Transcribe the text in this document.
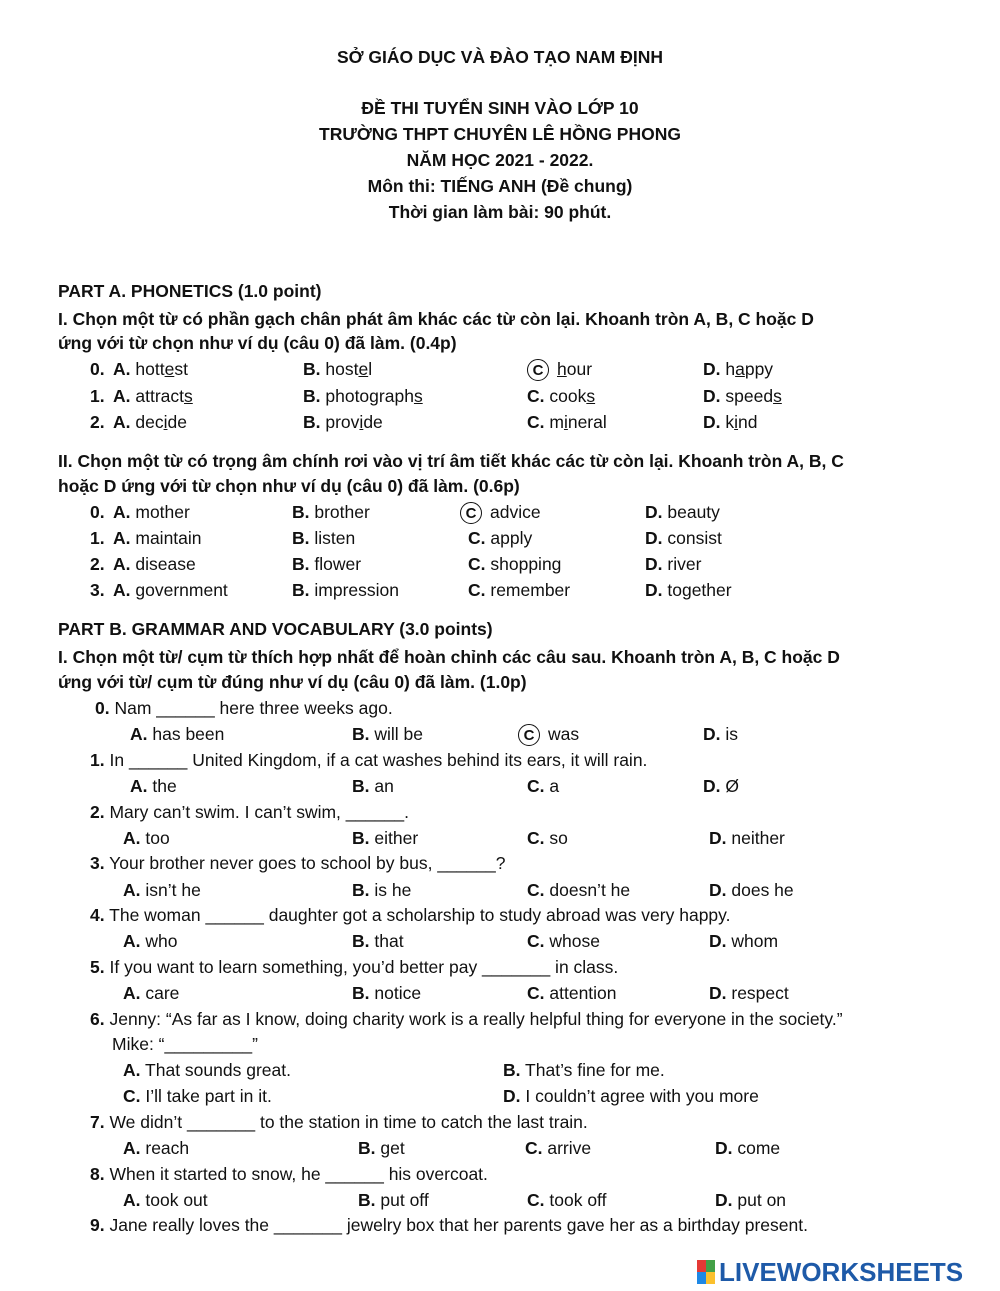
SỞ GIÁO DỤC VÀ ĐÀO TẠO NAM ĐỊNH
ĐỀ THI TUYỂN SINH VÀO LỚP 10
TRƯỜNG THPT CHUYÊN LÊ HỒNG PHONG
NĂM HỌC 2021 - 2022.
Môn thi: TIẾNG ANH (Đề chung)
Thời gian làm bài: 90 phút.
PART A. PHONETICS (1.0 point)
I. Chọn một từ có phần gạch chân phát âm khác các từ còn lại. Khoanh tròn A, B, C hoặc D
ứng với từ chọn như ví dụ (câu 0) đã làm. (0.4p)
0. A. hottest	B. hostel	C hour	D. happy
1. A. attracts	B. photographs	C. cooks	D. speeds
2. A. decide	B. provide	C. mineral	D. kind
II. Chọn một từ có trọng âm chính rơi vào vị trí âm tiết khác các từ còn lại. Khoanh tròn A, B, C
hoặc D ứng với từ chọn như ví dụ (câu 0) đã làm. (0.6p)
0. A. mother	B. brother	C advice	D. beauty
1. A. maintain	B. listen	C. apply	D. consist
2. A. disease	B. flower	C. shopping	D. river
3. A. government	B. impression	C. remember	D. together
PART B. GRAMMAR AND VOCABULARY (3.0 points)
I. Chọn một từ/ cụm từ thích hợp nhất để hoàn chỉnh các câu sau. Khoanh tròn A, B, C hoặc D
ứng với từ/ cụm từ đúng như ví dụ (câu 0) đã làm. (1.0p)
0. Nam ______ here three weeks ago.
A. has been	B. will be	C was	D. is
1. In ______ United Kingdom, if a cat washes behind its ears, it will rain.
A. the	B. an	C. a	D. Ø
2. Mary can’t swim. I can’t swim, ______.
A. too	B. either	C. so	D. neither
3. Your brother never goes to school by bus, ______?
A. isn’t he	B. is he	C. doesn’t he	D. does he
4. The woman ______ daughter got a scholarship to study abroad was very happy.
A. who	B. that	C. whose	D. whom
5. If you want to learn something, you’d better pay _______ in class.
A. care	B. notice	C. attention	D. respect
6. Jenny: “As far as I know, doing charity work is a really helpful thing for everyone in the society.”
Mike: “_________”
A. That sounds great.	B. That’s fine for me.
C. I’ll take part in it.	D. I couldn’t agree with you more
7. We didn’t _______ to the station in time to catch the last train.
A. reach	B. get	C. arrive	D. come
8. When it started to snow, he ______ his overcoat.
A. took out	B. put off	C. took off	D. put on
9. Jane really loves the _______ jewelry box that her parents gave her as a birthday present.
LIVEWORKSHEETS
